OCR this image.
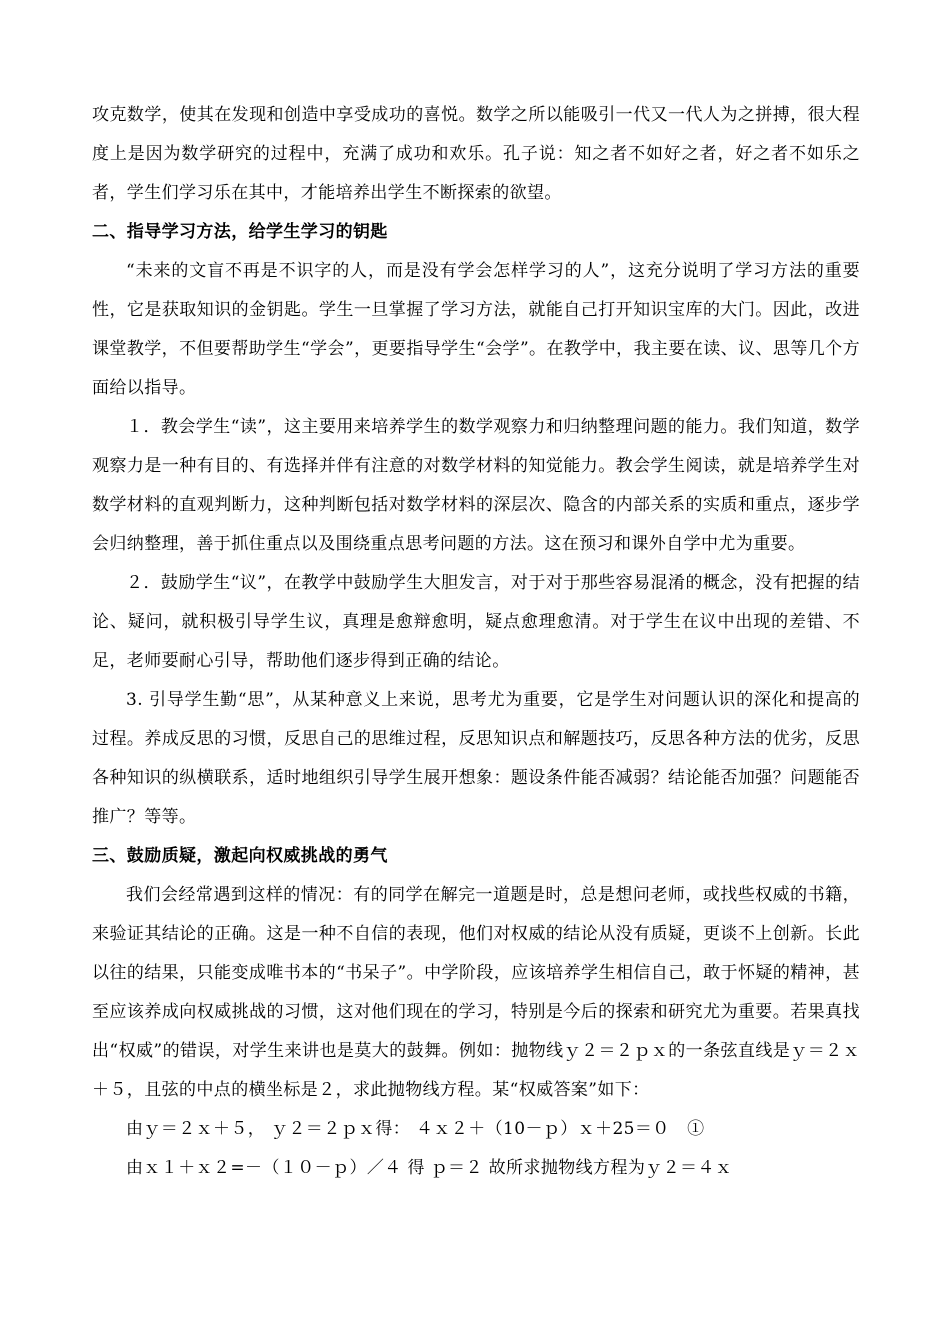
攻克数学，使其在发现和创造中享受成功的喜悦。数学之所以能吸引一代又一代人为之拼搏，很大程度上是因为数学研究的过程中，充满了成功和欢乐。孔子说：知之者不如好之者，好之者不如乐之者，学生们学习乐在其中，才能培养出学生不断探索的欲望。

二、指导学习方法，给学生学习的钥匙

“未来的文盲不再是不识字的人，而是没有学会怎样学习的人”，这充分说明了学习方法的重要性，它是获取知识的金钥匙。学生一旦掌握了学习方法，就能自己打开知识宝库的大门。因此，改进课堂教学，不但要帮助学生“学会”，更要指导学生“会学”。在教学中，我主要在读、议、思等几个方面给以指导。

１．教会学生“读”，这主要用来培养学生的数学观察力和归纳整理问题的能力。我们知道，数学观察力是一种有目的、有选择并伴有注意的对数学材料的知觉能力。教会学生阅读，就是培养学生对数学材料的直观判断力，这种判断包括对数学材料的深层次、隐含的内部关系的实质和重点，逐步学会归纳整理，善于抓住重点以及围绕重点思考问题的方法。这在预习和课外自学中尤为重要。

２．鼓励学生“议”，在教学中鼓励学生大胆发言，对于对于那些容易混淆的概念，没有把握的结论、疑问，就积极引导学生议，真理是愈辩愈明，疑点愈理愈清。对于学生在议中出现的差错、不足，老师要耐心引导，帮助他们逐步得到正确的结论。

3. 引导学生勤“思”，从某种意义上来说，思考尤为重要，它是学生对问题认识的深化和提高的过程。养成反思的习惯，反思自己的思维过程，反思知识点和解题技巧，反思各种方法的优劣，反思各种知识的纵横联系，适时地组织引导学生展开想象：题设条件能否减弱？结论能否加强？问题能否推广？等等。

三、鼓励质疑，激起向权威挑战的勇气

我们会经常遇到这样的情况：有的同学在解完一道题是时，总是想问老师，或找些权威的书籍，来验证其结论的正确。这是一种不自信的表现，他们对权威的结论从没有质疑，更谈不上创新。长此以往的结果，只能变成唯书本的“书呆子”。中学阶段，应该培养学生相信自己，敢于怀疑的精神，甚至应该养成向权威挑战的习惯，这对他们现在的学习，特别是今后的探索和研究尤为重要。若果真找出“权威”的错误，对学生来讲也是莫大的鼓舞。例如：抛物线ｙ２＝２ｐｘ的一条弦直线是ｙ＝２ｘ＋５，且弦的中点的横坐标是２，求此抛物线方程。某“权威答案”如下：

由ｙ＝２ｘ＋５， ｙ２＝２ｐｘ得： ４ｘ２＋（10－ｐ）ｘ＋25＝０   ①

由ｘ１＋ｘ２=－（１０－ｐ）／４ 得 ｐ＝２ 故所求抛物线方程为ｙ２＝４ｘ
